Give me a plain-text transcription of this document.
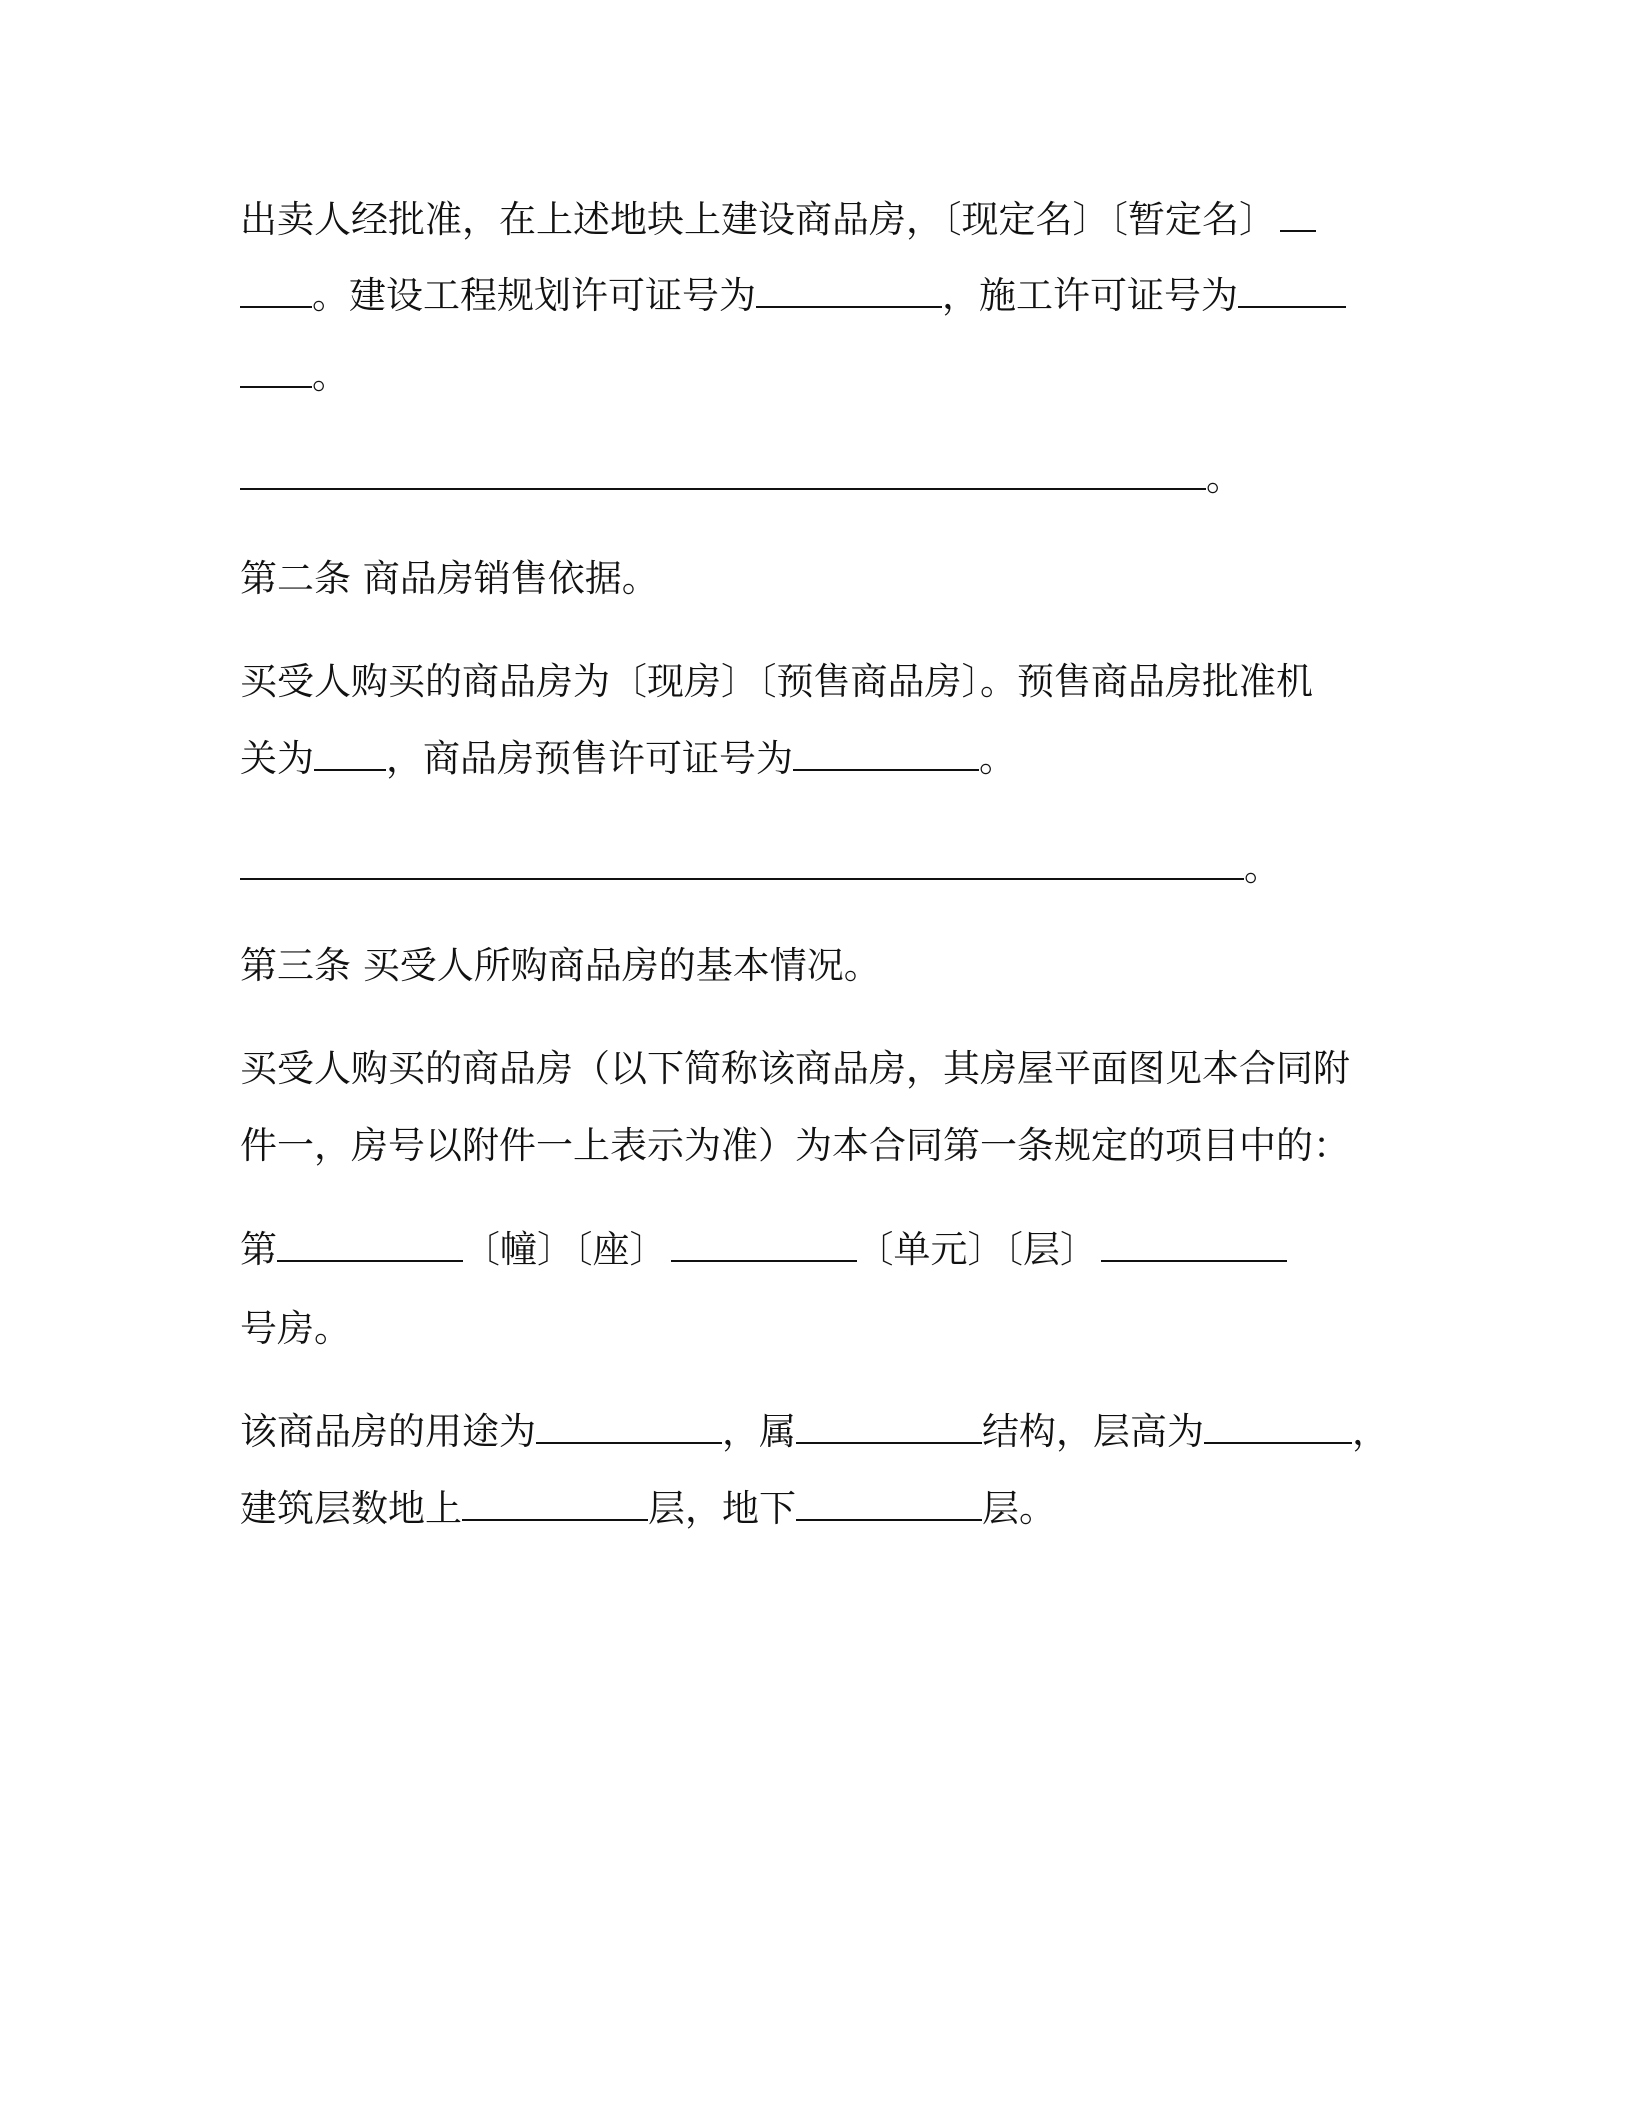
出卖人经批准，在上述地块上建设商品房，〔现定名〕〔暂定名〕
。建设工程规划许可证号为	，施工许可证号为
。
。
第二条 商品房销售依据。
买受人购买的商品房为〔现房〕〔预售商品房〕。预售商品房批准机
关为 ，商品房预售许可证号为	。
。
第三条 买受人所购商品房的基本情况。
买受人购买的商品房（以下简称该商品房，其房屋平面图见本合同附
件一，房号以附件一上表示为准）为本合同第一条规定的项目中的：
第	〔幢〕〔座〕	〔单元〕〔层〕
号房。
该商品房的用途为	，属	结构，层高为	，
建筑层数地上	层，地下	层。
